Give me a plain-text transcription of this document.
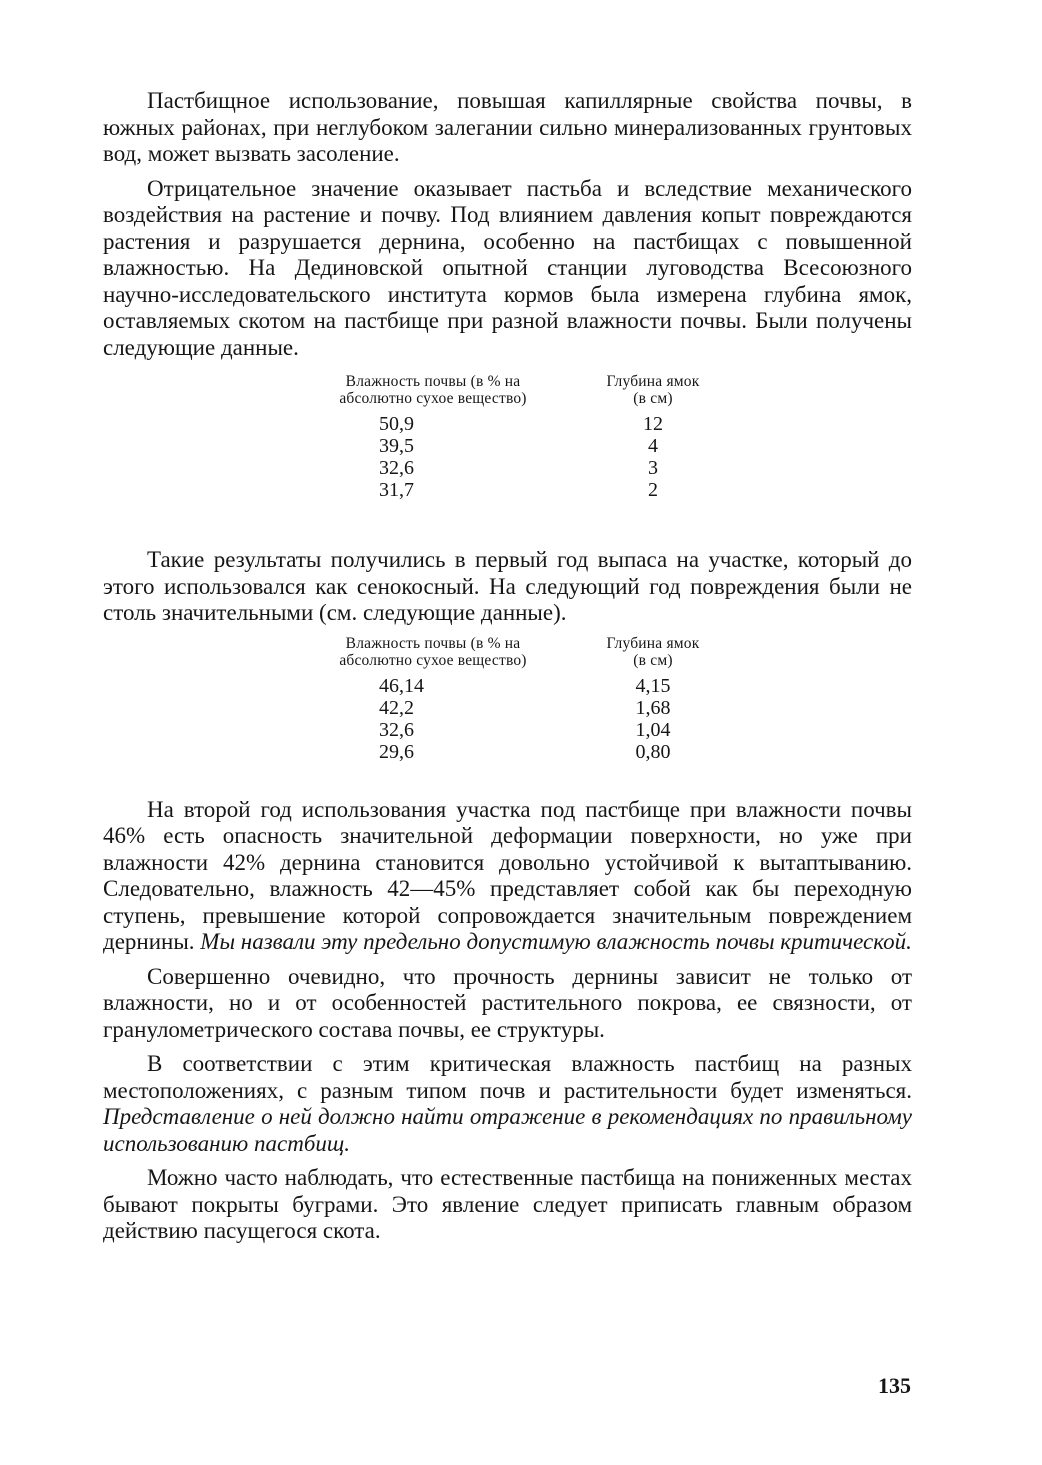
Пастбищное использование, повышая капиллярные свойства почвы, в южных районах, при неглубоком залегании сильно минерализованных грунтовых вод, может вызвать засоление.

Отрицательное значение оказывает пастьба и вследствие механического воздействия на растение и почву. Под влиянием давления копыт повреждаются растения и разрушается дернина, особенно на пастбищах с повышенной влажностью. На Дединовской опытной станции луговодства Всесоюзного научно-исследовательского института кормов была измерена глубина ямок, оставляемых скотом на пастбище при разной влажности почвы. Были получены следующие данные.

Влажность почвы (в % на
абсолютно сухое вещество)
Глубина ямок
(в см)
50,9
39,5
32,6
31,7
12
4
3
2

Такие результаты получились в первый год выпаса на участке, который до этого использовался как сенокосный. На следующий год повреждения были не столь значительными (см. следующие данные).

Влажность почвы (в % на
абсолютно сухое вещество)
Глубина ямок
(в см)
46,14
42,2
32,6
29,6
4,15
1,68
1,04
0,80

На второй год использования участка под пастбище при влажности почвы 46% есть опасность значительной деформации поверхности, но уже при влажности 42% дернина становится довольно устойчивой к вытаптыванию. Следовательно, влажность 42—45% представляет собой как бы переходную ступень, превышение которой сопровождается значительным повреждением дернины. Мы назвали эту предельно допустимую влажность почвы критической.

Совершенно очевидно, что прочность дернины зависит не только от влажности, но и от особенностей растительного покрова, ее связности, от гранулометрического состава почвы, ее структуры.

В соответствии с этим критическая влажность пастбищ на разных местоположениях, с разным типом почв и растительности будет изменяться. Представление о ней должно найти отражение в рекомендациях по правильному использованию пастбищ.

Можно часто наблюдать, что естественные пастбища на пониженных местах бывают покрыты буграми. Это явление следует приписать главным образом действию пасущегося скота.

135
